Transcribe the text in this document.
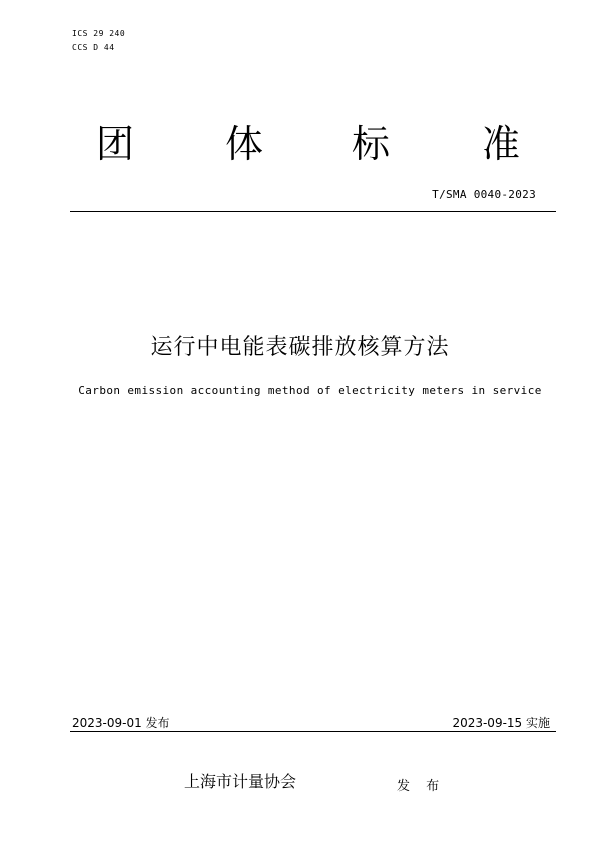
ICS 29 240
CCS D 44
团 体 标 准
T/SMA 0040-2023
运行中电能表碳排放核算方法
Carbon emission accounting method of electricity meters in service
2023-09-01 发布	2023-09-15 实施
上海市计量协会	发 布
